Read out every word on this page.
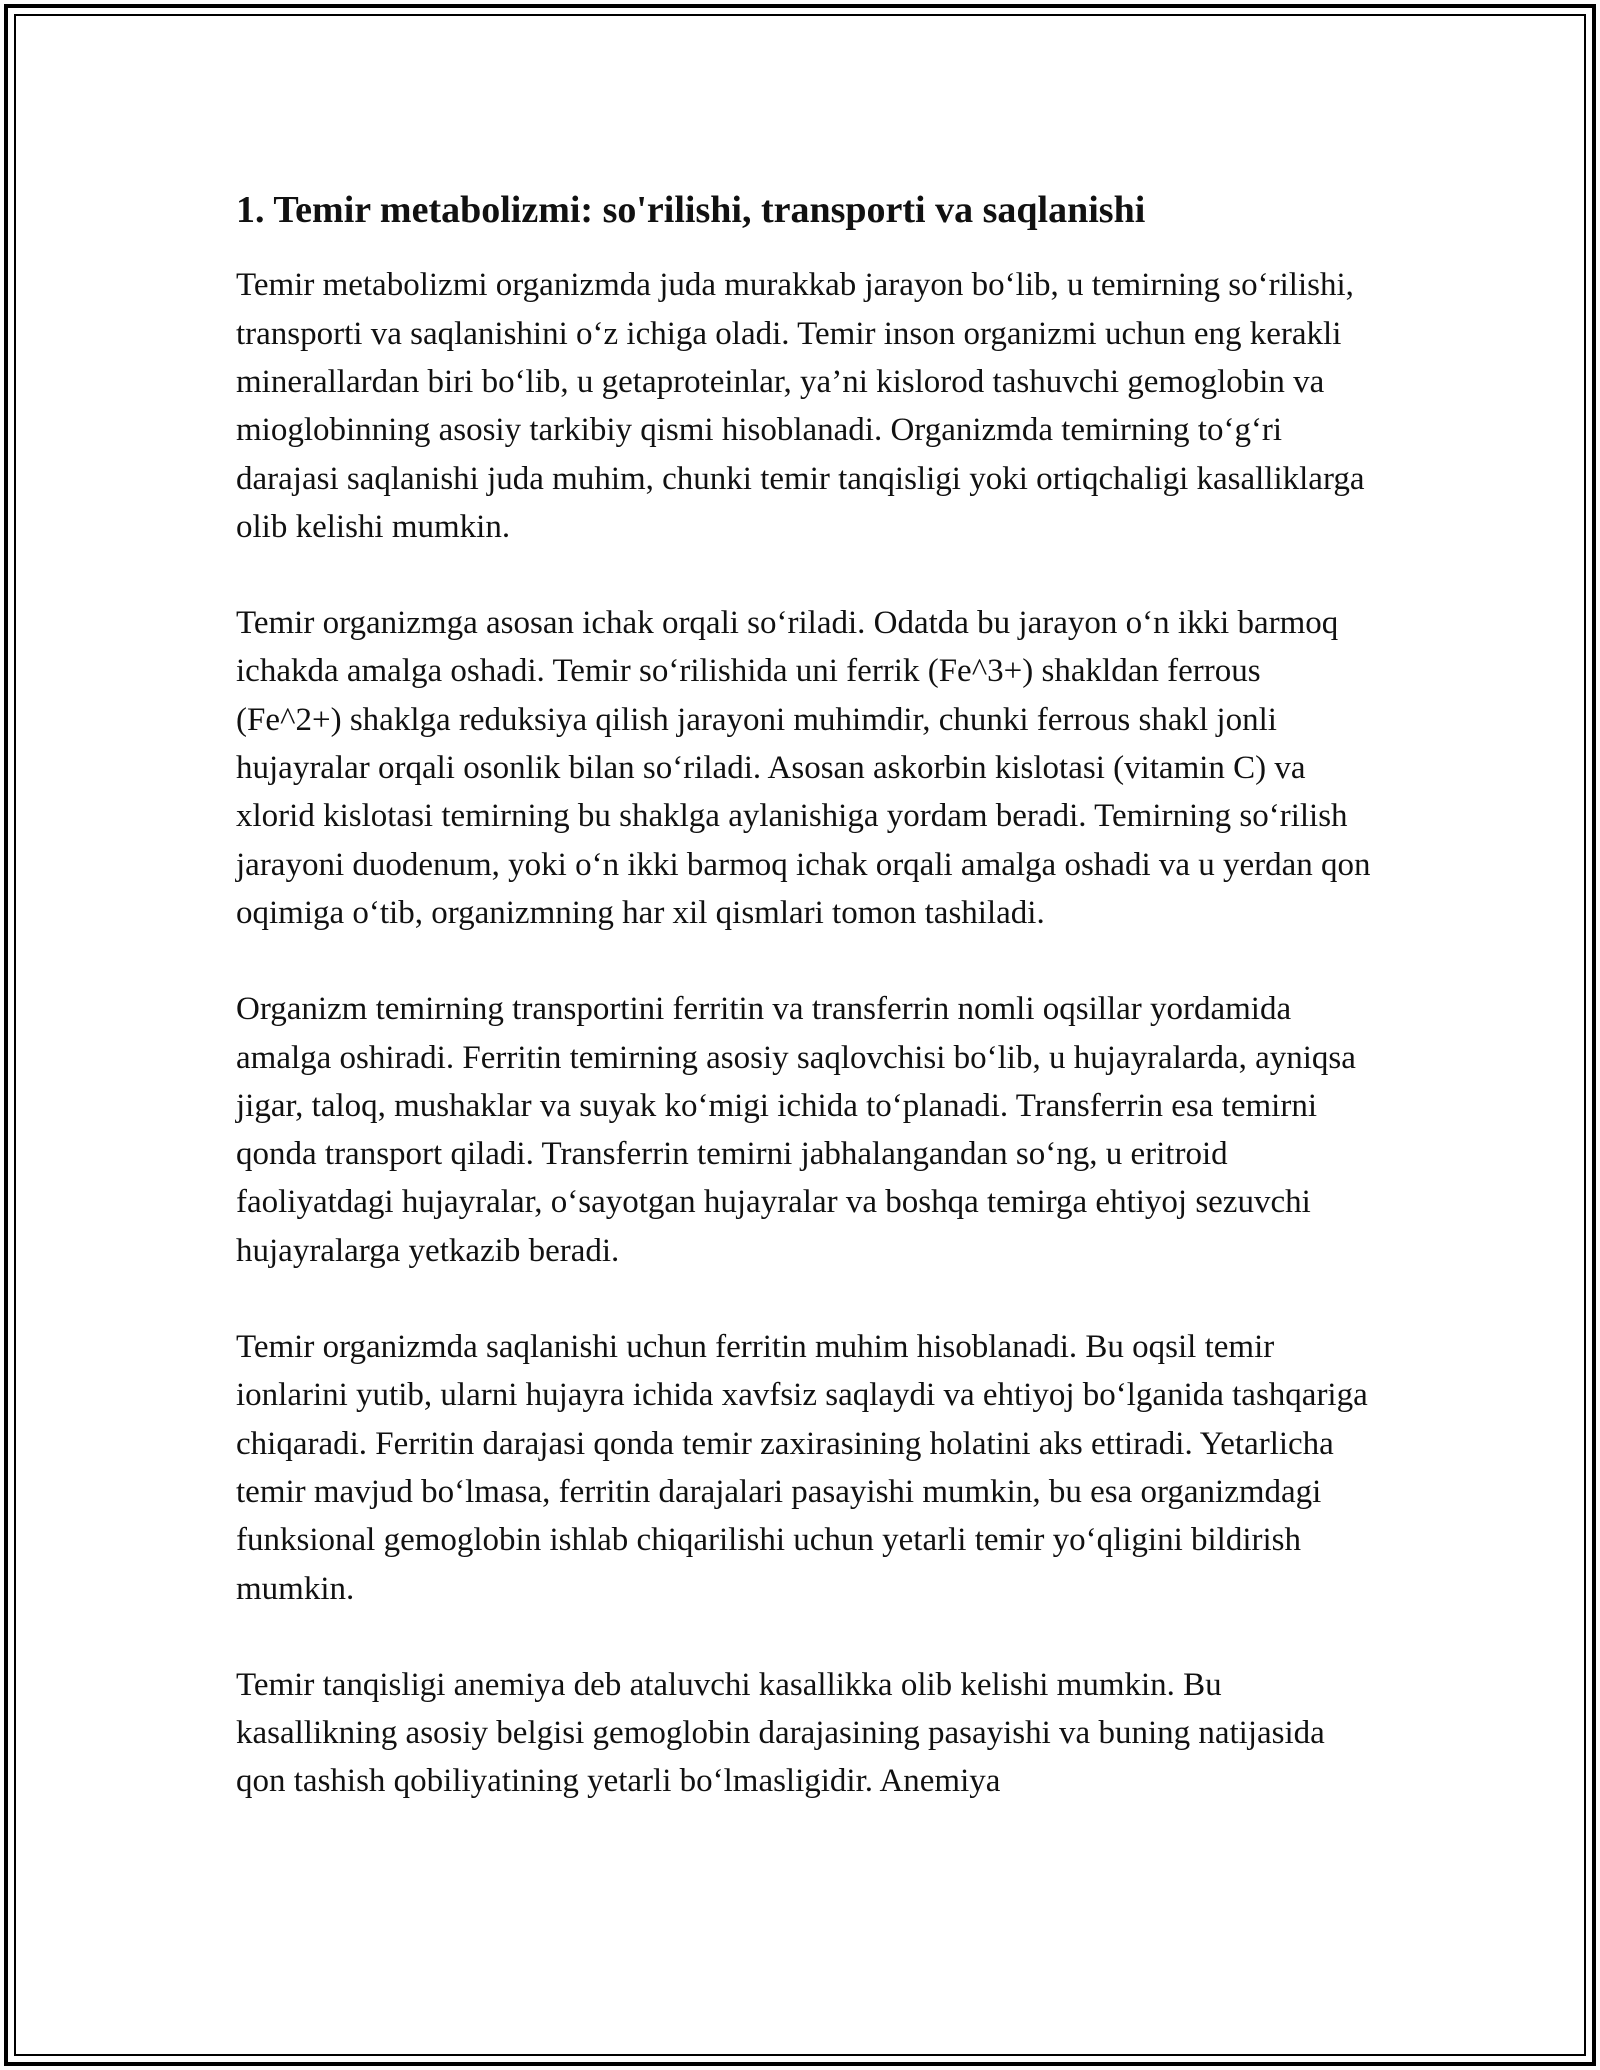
1. Temir metabolizmi: so'rilishi, transporti va saqlanishi

Temir metabolizmi organizmda juda murakkab jarayon bo‘lib, u temirning so‘rilishi, transporti va saqlanishini o‘z ichiga oladi. Temir inson organizmi uchun eng kerakli minerallardan biri bo‘lib, u getaproteinlar, ya’ni kislorod tashuvchi gemoglobin va mioglobinning asosiy tarkibiy qismi hisoblanadi. Organizmda temirning to‘g‘ri darajasi saqlanishi juda muhim, chunki temir tanqisligi yoki ortiqchaligi kasalliklarga olib kelishi mumkin.

Temir organizmga asosan ichak orqali so‘riladi. Odatda bu jarayon o‘n ikki barmoq ichakda amalga oshadi. Temir so‘rilishida uni ferrik (Fe^3+) shakldan ferrous (Fe^2+) shaklga reduksiya qilish jarayoni muhimdir, chunki ferrous shakl jonli hujayralar orqali osonlik bilan so‘riladi. Asosan askorbin kislotasi (vitamin C) va xlorid kislotasi temirning bu shaklga aylanishiga yordam beradi. Temirning so‘rilish jarayoni duodenum, yoki o‘n ikki barmoq ichak orqali amalga oshadi va u yerdan qon oqimiga o‘tib, organizmning har xil qismlari tomon tashiladi.

Organizm temirning transportini ferritin va transferrin nomli oqsillar yordamida amalga oshiradi. Ferritin temirning asosiy saqlovchisi bo‘lib, u hujayralarda, ayniqsa jigar, taloq, mushaklar va suyak ko‘migi ichida to‘planadi. Transferrin esa temirni qonda transport qiladi. Transferrin temirni jabhalangandan so‘ng, u eritroid faoliyatdagi hujayralar, o‘sayotgan hujayralar va boshqa temirga ehtiyoj sezuvchi hujayralarga yetkazib beradi.

Temir organizmda saqlanishi uchun ferritin muhim hisoblanadi. Bu oqsil temir ionlarini yutib, ularni hujayra ichida xavfsiz saqlaydi va ehtiyoj bo‘lganida tashqariga chiqaradi. Ferritin darajasi qonda temir zaxirasining holatini aks ettiradi. Yetarlicha temir mavjud bo‘lmasa, ferritin darajalari pasayishi mumkin, bu esa organizmdagi funksional gemoglobin ishlab chiqarilishi uchun yetarli temir yo‘qligini bildirish mumkin.

Temir tanqisligi anemiya deb ataluvchi kasallikka olib kelishi mumkin. Bu kasallikning asosiy belgisi gemoglobin darajasining pasayishi va buning natijasida qon tashish qobiliyatining yetarli bo‘lmasligidir. Anemiya
